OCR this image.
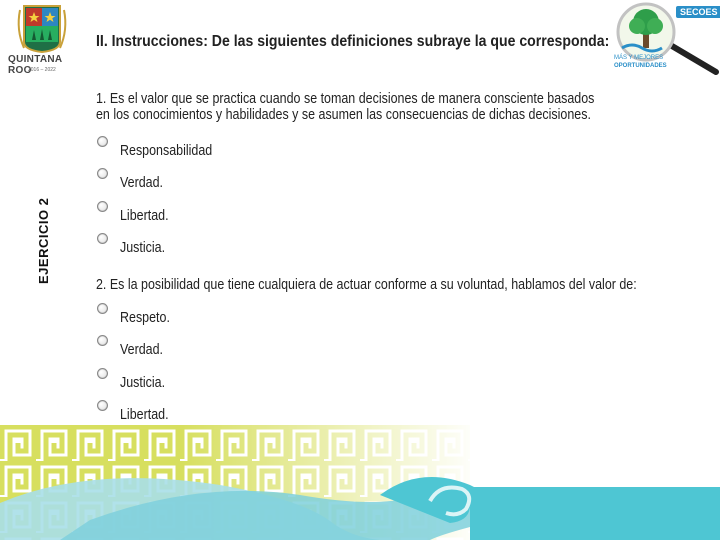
QUINTANA ROO
2016 – 2022
SECOES
MÁS Y MEJORES
OPORTUNIDADES
EJERCICIO 2
II. Instrucciones: De las siguientes definiciones subraye la que corresponda:
1. Es el valor que se practica cuando se toman decisiones de manera consciente basados en los conocimientos y habilidades y se asumen las consecuencias de dichas decisiones.
Responsabilidad
Verdad.
Libertad.
Justicia.
2. Es la posibilidad que tiene cualquiera de actuar conforme a su voluntad, hablamos del valor de:
Respeto.
Verdad.
Justicia.
Libertad.
